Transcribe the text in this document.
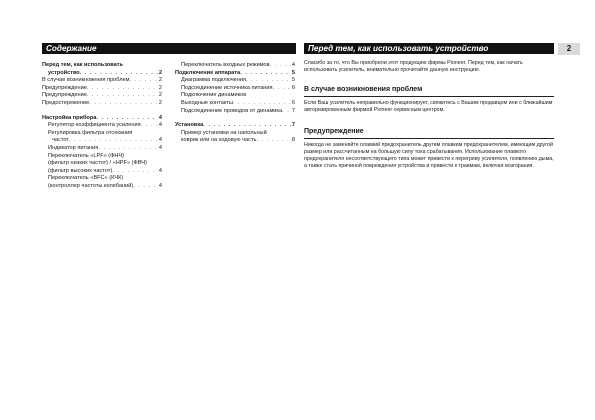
Содержание
Перед тем, как использовать
устройство . . .	2
В случае возникновения проблем . . .	2
Предупреждение . . .	2
Предупреждение . . .	2
Предостережение . . .	2
Настройка прибора . . .	4
Регулятор коэффициента усиления . . .	4
Регулировка фильтра отсекания
частот . . .	4
Индикатор питания . . .	4
Переключатель «LPF» (ФНЧ)
(фильтр низких частот) / «HPF» (ФВЧ)
(фильтр высоких частот) . . .	4
Переключатель «BFC» (КЧК)
(контроллер частоты колебаний) . . .	4
Переключатель входных режимов . . .	4
Подключение аппарата . . .	5
Диаграмма подключения . . .	5
Подсоединение источника питания . . .	6
Подключение динамиков
Выходные контакты . . .	6
Подсоединение проводов от динамика . . . 7
Установка . . .	7
Пример установки на напольный
коврик или на ходовую часть . . .	8
Перед тем, как использовать устройство	2
Спасибо за то, что Вы приобрели этот продукцию фирмы Pioneer. Перед тем, как начать использовать усилитель, внимательно прочитайте данную инструкцию.
В случае возникновения проблем
Если Ваш усилитель неправильно функционирует, свяжитесь с Вашим продавцом или с ближайшим авторизированным фирмой Pioneer сервисным центром.
Предупреждение
Никогда не заменяйте плавкий предохранитель другим плавким предохранителем, имеющим другой размер или рассчитанным на большую силу тока срабатывания. Использование плавкого предохранителя несоответствующего типа может привести к перегреву усилителя, появлению дыма, а также стать причиной повреждения устройства и привести к травмам, включая возгорания.
